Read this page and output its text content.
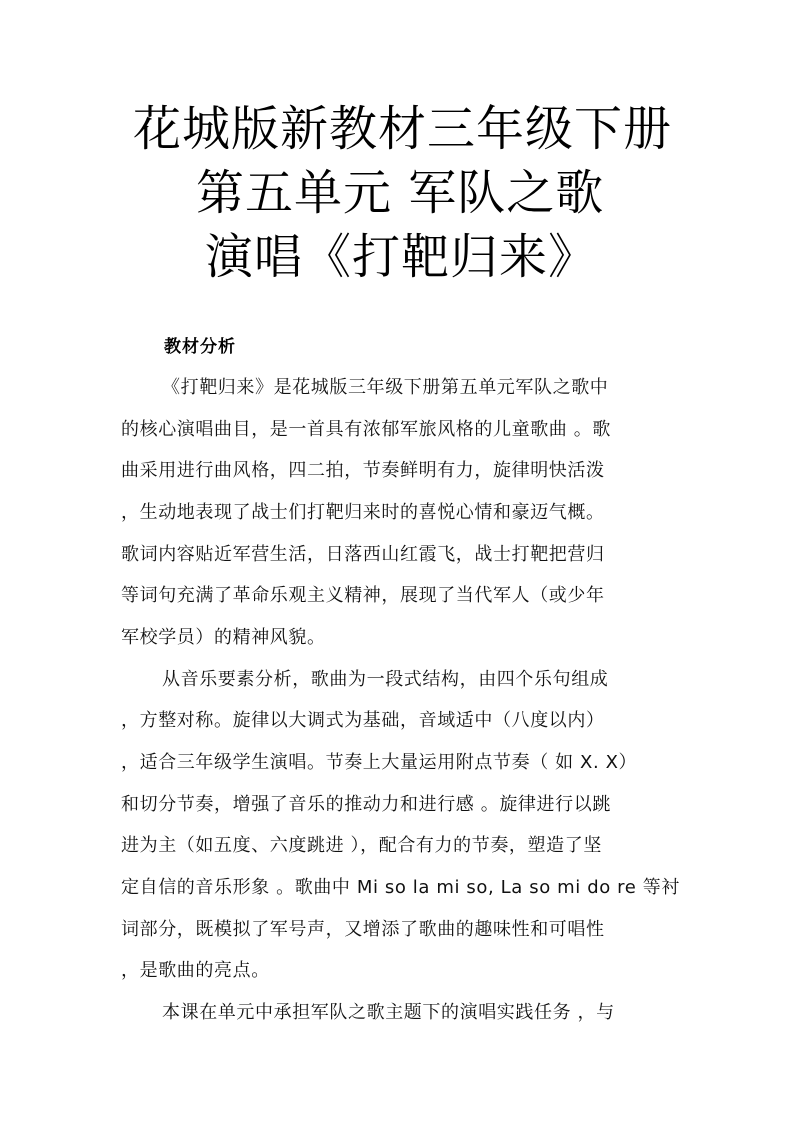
花城版新教材三年级下册
第五单元 军队之歌
演唱《打靶归来》
教材分析
《打靶归来》是花城版三年级下册第五单元军队之歌中
的核心演唱曲目，是一首具有浓郁军旅风格的儿童歌曲 。歌
曲采用进行曲风格，四二拍，节奏鲜明有力，旋律明快活泼
，生动地表现了战士们打靶归来时的喜悦心情和豪迈气概。
歌词内容贴近军营生活，日落西山红霞飞，战士打靶把营归
等词句充满了革命乐观主义精神，展现了当代军人（或少年
军校学员）的精神风貌。
从音乐要素分析，歌曲为一段式结构，由四个乐句组成
，方整对称。旋律以大调式为基础，音域适中（八度以内）
，适合三年级学生演唱。节奏上大量运用附点节奏（ 如 X. X）
和切分节奏，增强了音乐的推动力和进行感 。旋律进行以跳
进为主（如五度、六度跳进 ），配合有力的节奏，塑造了坚
定自信的音乐形象 。歌曲中 Mi so la mi so, La so mi do re 等衬
词部分，既模拟了军号声，又增添了歌曲的趣味性和可唱性
，是歌曲的亮点。
本课在单元中承担军队之歌主题下的演唱实践任务 ，与
